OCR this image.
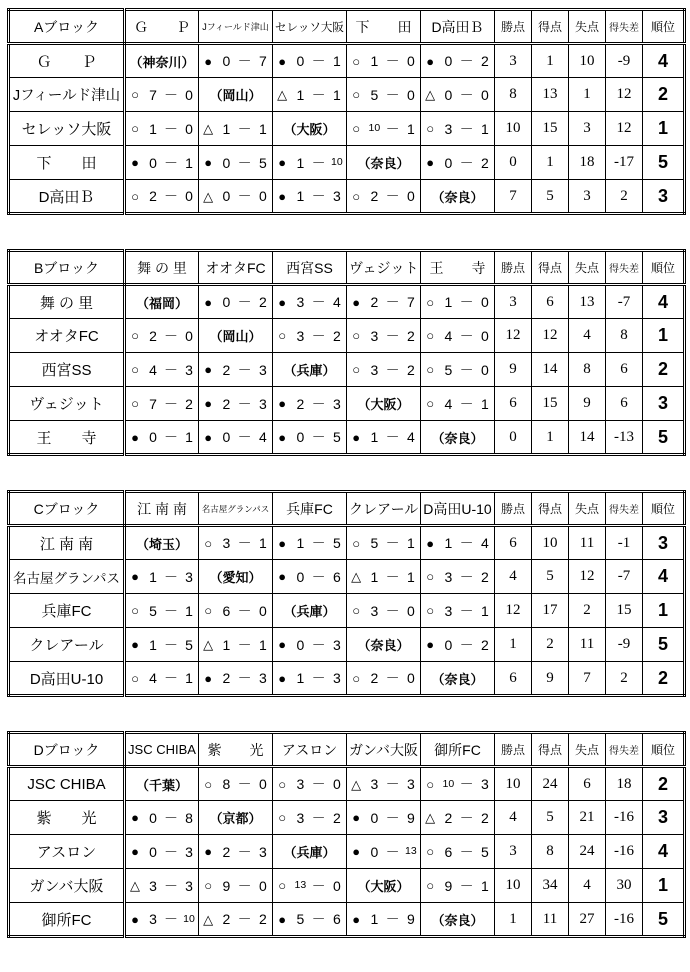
Aブロック	Ｇ　　Ｐ	Jフィールド津山	セレッソ大阪	下　　田	D高田Ｂ	勝点	得点	失点	得失差	順位

Ｇ　　Ｐ	（神奈川）	● 0 － 7	● 0 － 1	○ 1 － 0	● 0 － 2	3	1	10	-9	4

Jフィールド津山	○ 7 － 0	（岡山）	△ 1 － 1	○ 5 － 0	△ 0 － 0	8	13	1	12	2

セレッソ大阪	○ 1 － 0	△ 1 － 1	（大阪）	○ 10 － 1	○ 3 － 1	10	15	3	12	1

下　　田	● 0 － 1	● 0 － 5	● 1 － 10	（奈良）	● 0 － 2	0	1	18	-17	5

D高田Ｂ	○ 2 － 0	△ 0 － 0	● 1 － 3	○ 2 － 0	（奈良）	7	5	3	2	3
Bブロック	舞 の 里	オオタFC	西宮SS	ヴェジット	王　　寺	勝点	得点	失点	得失差	順位

舞 の 里	（福岡）	● 0 － 2	● 3 － 4	● 2 － 7	○ 1 － 0	3	6	13	-7	4

オオタFC	○ 2 － 0	（岡山）	○ 3 － 2	○ 3 － 2	○ 4 － 0	12	12	4	8	1

西宮SS	○ 4 － 3	● 2 － 3	（兵庫）	○ 3 － 2	○ 5 － 0	9	14	8	6	2

ヴェジット	○ 7 － 2	● 2 － 3	● 2 － 3	（大阪）	○ 4 － 1	6	15	9	6	3

王　　寺	● 0 － 1	● 0 － 4	● 0 － 5	● 1 － 4	（奈良）	0	1	14	-13	5
Cブロック	江 南 南	名古屋グランパス	兵庫FC	クレアール	D高田U-10	勝点	得点	失点	得失差	順位

江 南 南	（埼玉）	○ 3 － 1	● 1 － 5	○ 5 － 1	● 1 － 4	6	10	11	-1	3

名古屋グランパス	● 1 － 3	（愛知）	● 0 － 6	△ 1 － 1	○ 3 － 2	4	5	12	-7	4

兵庫FC	○ 5 － 1	○ 6 － 0	（兵庫）	○ 3 － 0	○ 3 － 1	12	17	2	15	1

クレアール	● 1 － 5	△ 1 － 1	● 0 － 3	（奈良）	● 0 － 2	1	2	11	-9	5

D高田U-10	○ 4 － 1	● 2 － 3	● 1 － 3	○ 2 － 0	（奈良）	6	9	7	2	2
Dブロック	JSC CHIBA	紫　　光	アスロン	ガンバ大阪	御所FC	勝点	得点	失点	得失差	順位

JSC CHIBA	（千葉）	○ 8 － 0	○ 3 － 0	△ 3 － 3	○ 10 － 3	10	24	6	18	2

紫　　光	● 0 － 8	（京都）	○ 3 － 2	● 0 － 9	△ 2 － 2	4	5	21	-16	3

アスロン	● 0 － 3	● 2 － 3	（兵庫）	● 0 － 13	○ 6 － 5	3	8	24	-16	4

ガンバ大阪	△ 3 － 3	○ 9 － 0	○ 13 － 0	（大阪）	○ 9 － 1	10	34	4	30	1

御所FC	● 3 － 10	△ 2 － 2	● 5 － 6	● 1 － 9	（奈良）	1	11	27	-16	5
